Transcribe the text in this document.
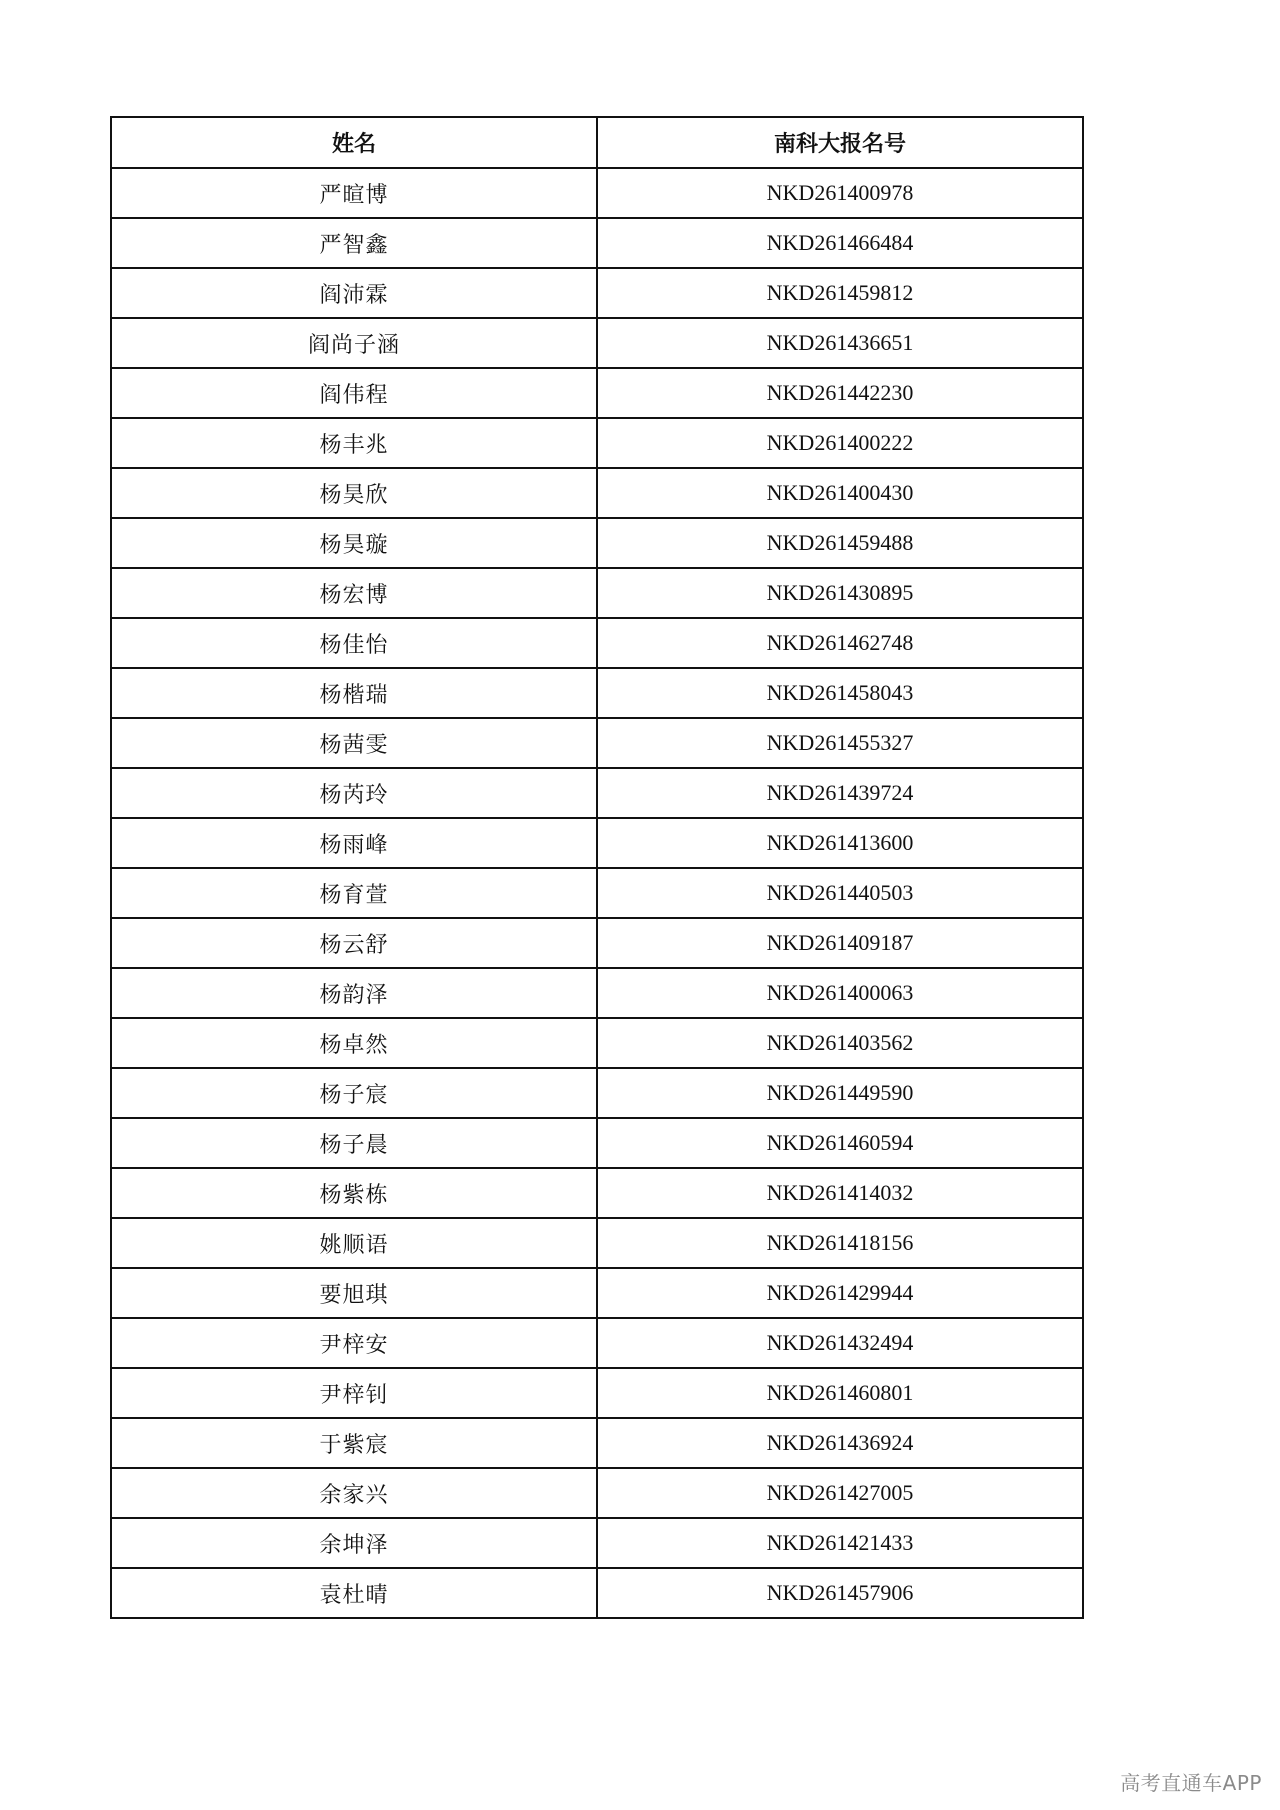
姓名	南科大报名号
严暄博	NKD261400978
严智鑫	NKD261466484
阎沛霖	NKD261459812
阎尚子涵	NKD261436651
阎伟程	NKD261442230
杨丰兆	NKD261400222
杨昊欣	NKD261400430
杨昊璇	NKD261459488
杨宏博	NKD261430895
杨佳怡	NKD261462748
杨楷瑞	NKD261458043
杨茜雯	NKD261455327
杨芮玲	NKD261439724
杨雨峰	NKD261413600
杨育萱	NKD261440503
杨云舒	NKD261409187
杨韵泽	NKD261400063
杨卓然	NKD261403562
杨子宸	NKD261449590
杨子晨	NKD261460594
杨紫栋	NKD261414032
姚顺语	NKD261418156
要旭琪	NKD261429944
尹梓安	NKD261432494
尹梓钊	NKD261460801
于紫宸	NKD261436924
余家兴	NKD261427005
余坤泽	NKD261421433
袁杜晴	NKD261457906
高考直通车APP
